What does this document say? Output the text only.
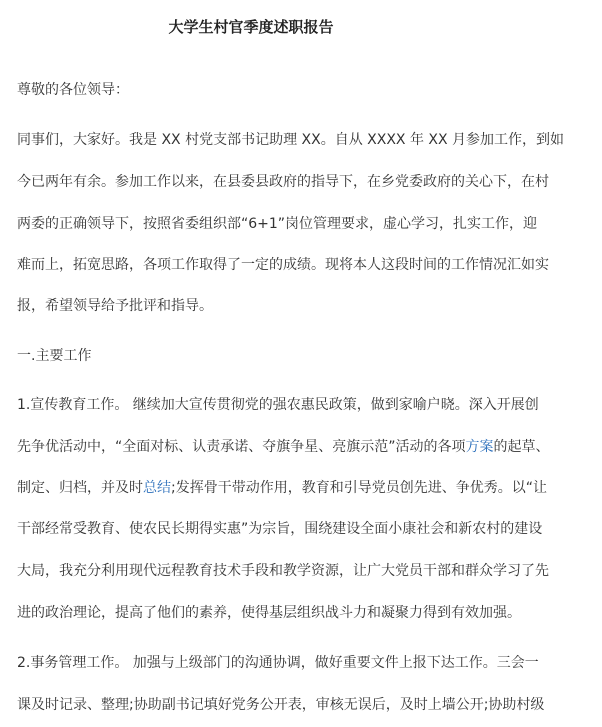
大学生村官季度述职报告
尊敬的各位领导：
同事们，大家好。我是 XX 村党支部书记助理 XX。自从 XXXX 年 XX 月参加工作，到如
今已两年有余。参加工作以来，在县委县政府的指导下，在乡党委政府的关心下，在村
两委的正确领导下，按照省委组织部“6+1”岗位管理要求，虚心学习，扎实工作，迎
难而上，拓宽思路，各项工作取得了一定的成绩。现将本人这段时间的工作情况汇如实
报，希望领导给予批评和指导。
一.主要工作
1.宣传教育工作。 继续加大宣传贯彻党的强农惠民政策，做到家喻户晓。深入开展创
先争优活动中，“全面对标、认责承诺、夺旗争星、亮旗示范”活动的各项方案的起草、
制定、归档，并及时总结;发挥骨干带动作用，教育和引导党员创先进、争优秀。以“让
干部经常受教育、使农民长期得实惠”为宗旨，围绕建设全面小康社会和新农村的建设
大局，我充分利用现代远程教育技术手段和教学资源，让广大党员干部和群众学习了先
进的政治理论，提高了他们的素养，使得基层组织战斗力和凝聚力得到有效加强。
2.事务管理工作。 加强与上级部门的沟通协调，做好重要文件上报下达工作。三会一
课及时记录、整理;协助副书记填好党务公开表，审核无误后，及时上墙公开;协助村级
